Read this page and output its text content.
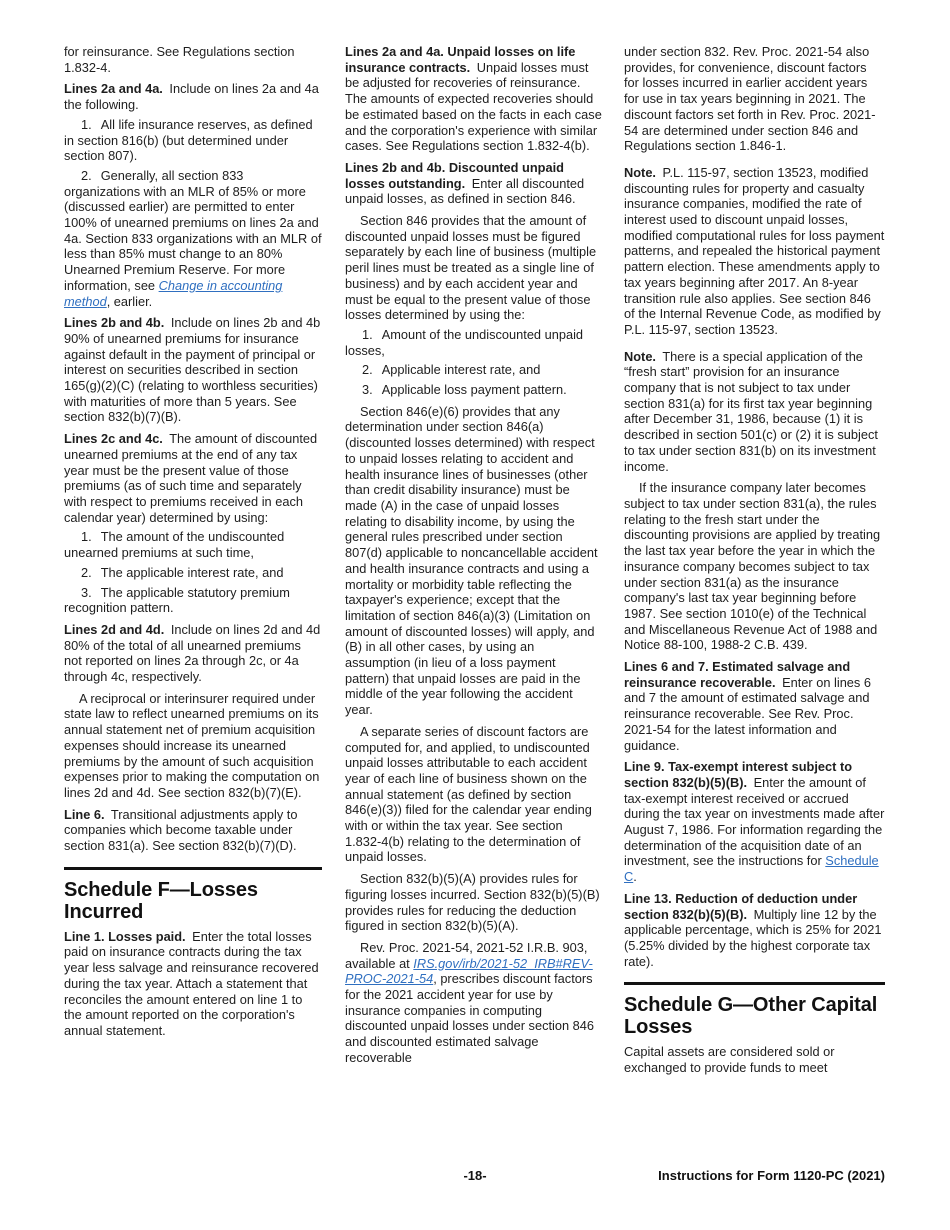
for reinsurance. See Regulations section 1.832-4.

Lines 2a and 4a. Include on lines 2a and 4a the following.

1. All life insurance reserves, as defined in section 816(b) (but determined under section 807).

2. Generally, all section 833 organizations with an MLR of 85% or more (discussed earlier) are permitted to enter 100% of unearned premiums on lines 2a and 4a. Section 833 organizations with an MLR of less than 85% must change to an 80% Unearned Premium Reserve. For more information, see Change in accounting method, earlier.

Lines 2b and 4b. Include on lines 2b and 4b 90% of unearned premiums for insurance against default in the payment of principal or interest on securities described in section 165(g)(2)(C) (relating to worthless securities) with maturities of more than 5 years. See section 832(b)(7)(B).

Lines 2c and 4c. The amount of discounted unearned premiums at the end of any tax year must be the present value of those premiums (as of such time and separately with respect to premiums received in each calendar year) determined by using:

1. The amount of the undiscounted unearned premiums at such time,

2. The applicable interest rate, and

3. The applicable statutory premium recognition pattern.

Lines 2d and 4d. Include on lines 2d and 4d 80% of the total of all unearned premiums not reported on lines 2a through 2c, or 4a through 4c, respectively.

A reciprocal or interinsurer required under state law to reflect unearned premiums on its annual statement net of premium acquisition expenses should increase its unearned premiums by the amount of such acquisition expenses prior to making the computation on lines 2d and 4d. See section 832(b)(7)(E).

Line 6. Transitional adjustments apply to companies which become taxable under section 831(a). See section 832(b)(7)(D).

Schedule F—Losses Incurred

Line 1. Losses paid. Enter the total losses paid on insurance contracts during the tax year less salvage and reinsurance recovered during the tax year. Attach a statement that reconciles the amount entered on line 1 to the amount reported on the corporation's annual statement.

Lines 2a and 4a. Unpaid losses on life insurance contracts. Unpaid losses must be adjusted for recoveries of reinsurance. The amounts of expected recoveries should be estimated based on the facts in each case and the corporation's experience with similar cases. See Regulations section 1.832-4(b).

Lines 2b and 4b. Discounted unpaid losses outstanding. Enter all discounted unpaid losses, as defined in section 846.

Section 846 provides that the amount of discounted unpaid losses must be figured separately by each line of business (multiple peril lines must be treated as a single line of business) and by each accident year and must be equal to the present value of those losses determined by using the:

1. Amount of the undiscounted unpaid losses,

2. Applicable interest rate, and

3. Applicable loss payment pattern.

Section 846(e)(6) provides that any determination under section 846(a) (discounted losses determined) with respect to unpaid losses relating to accident and health insurance lines of businesses (other than credit disability insurance) must be made (A) in the case of unpaid losses relating to disability income, by using the general rules prescribed under section 807(d) applicable to noncancellable accident and health insurance contracts and using a mortality or morbidity table reflecting the taxpayer's experience; except that the limitation of section 846(a)(3) (Limitation on amount of discounted losses) will apply, and (B) in all other cases, by using an assumption (in lieu of a loss payment pattern) that unpaid losses are paid in the middle of the year following the accident year.

A separate series of discount factors are computed for, and applied, to undiscounted unpaid losses attributable to each accident year of each line of business shown on the annual statement (as defined by section 846(e)(3)) filed for the calendar year ending with or within the tax year. See section 1.832-4(b) relating to the determination of unpaid losses.

Section 832(b)(5)(A) provides rules for figuring losses incurred. Section 832(b)(5)(B) provides rules for reducing the deduction figured in section 832(b)(5)(A).

Rev. Proc. 2021-54, 2021-52 I.R.B. 903, available at IRS.gov/irb/2021-52_IRB#REV-PROC-2021-54, prescribes discount factors for the 2021 accident year for use by insurance companies in computing discounted unpaid losses under section 846 and discounted estimated salvage recoverable

under section 832. Rev. Proc. 2021-54 also provides, for convenience, discount factors for losses incurred in earlier accident years for use in tax years beginning in 2021. The discount factors set forth in Rev. Proc. 2021-54 are determined under section 846 and Regulations section 1.846-1.

Note. P.L. 115-97, section 13523, modified discounting rules for property and casualty insurance companies, modified the rate of interest used to discount unpaid losses, modified computational rules for loss payment patterns, and repealed the historical payment pattern election. These amendments apply to tax years beginning after 2017. An 8-year transition rule also applies. See section 846 of the Internal Revenue Code, as modified by P.L. 115-97, section 13523.

Note. There is a special application of the “fresh start” provision for an insurance company that is not subject to tax under section 831(a) for its first tax year beginning after December 31, 1986, because (1) it is described in section 501(c) or (2) it is subject to tax under section 831(b) on its investment income.

If the insurance company later becomes subject to tax under section 831(a), the rules relating to the fresh start under the discounting provisions are applied by treating the last tax year before the year in which the insurance company becomes subject to tax under section 831(a) as the insurance company's last tax year beginning before 1987. See section 1010(e) of the Technical and Miscellaneous Revenue Act of 1988 and Notice 88-100, 1988-2 C.B. 439.

Lines 6 and 7. Estimated salvage and reinsurance recoverable. Enter on lines 6 and 7 the amount of estimated salvage and reinsurance recoverable. See Rev. Proc. 2021-54 for the latest information and guidance.

Line 9. Tax-exempt interest subject to section 832(b)(5)(B). Enter the amount of tax-exempt interest received or accrued during the tax year on investments made after August 7, 1986. For information regarding the determination of the acquisition date of an investment, see the instructions for Schedule C.

Line 13. Reduction of deduction under section 832(b)(5)(B). Multiply line 12 by the applicable percentage, which is 25% for 2021 (5.25% divided by the highest corporate tax rate).

Schedule G—Other Capital Losses

Capital assets are considered sold or exchanged to provide funds to meet

-18-	Instructions for Form 1120-PC (2021)
